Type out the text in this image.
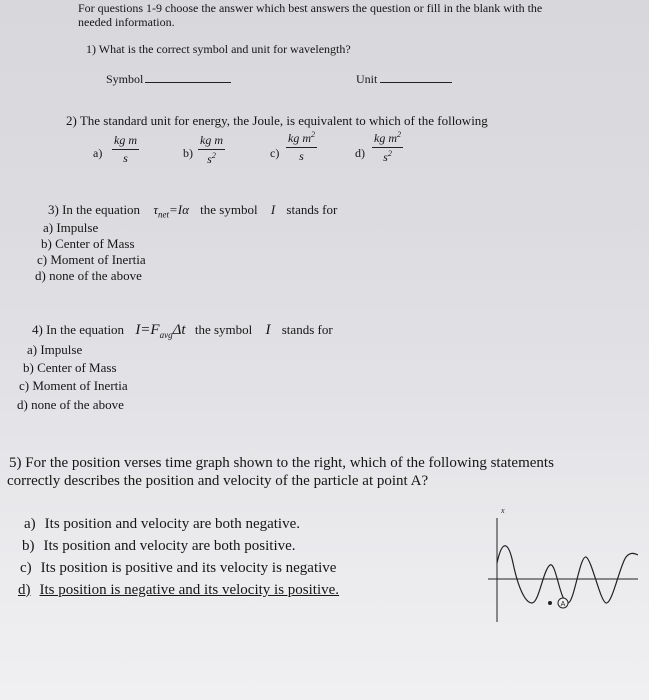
For questions 1-9 choose the answer which best answers the question or fill in the blank with the
needed information.
1) What is the correct symbol and unit for wavelength?
Symbol	Unit
2) The standard unit for energy, the Joule, is equivalent to which of the following
$a) \frac{\text{kg m}}{s}$	$b) \frac{\text{kg m}}{s^2}$	$c) \frac{kg m^2}{s}$	$d) \frac{kg m^2}{s^2}$
3) In the equation $\tau_{net}=I\alpha$ the symbol I stands for
a) Impulse
b) Center of Mass
c) Moment of Inertia
d) none of the above
4) In the equation $I=F_{avg}\Delta t$ the symbol I stands for
a) Impulse
b) Center of Mass
c) Moment of Inertia
d) none of the above
5) For the position verses time graph shown to the right, which of the following statements
correctly describes the position and velocity of the particle at point A?
a) Its position and velocity are both negative.
b) Its position and velocity are both positive.
c) Its position is positive and its velocity is negative
d) Its position is negative and its velocity is positive.
x
A
